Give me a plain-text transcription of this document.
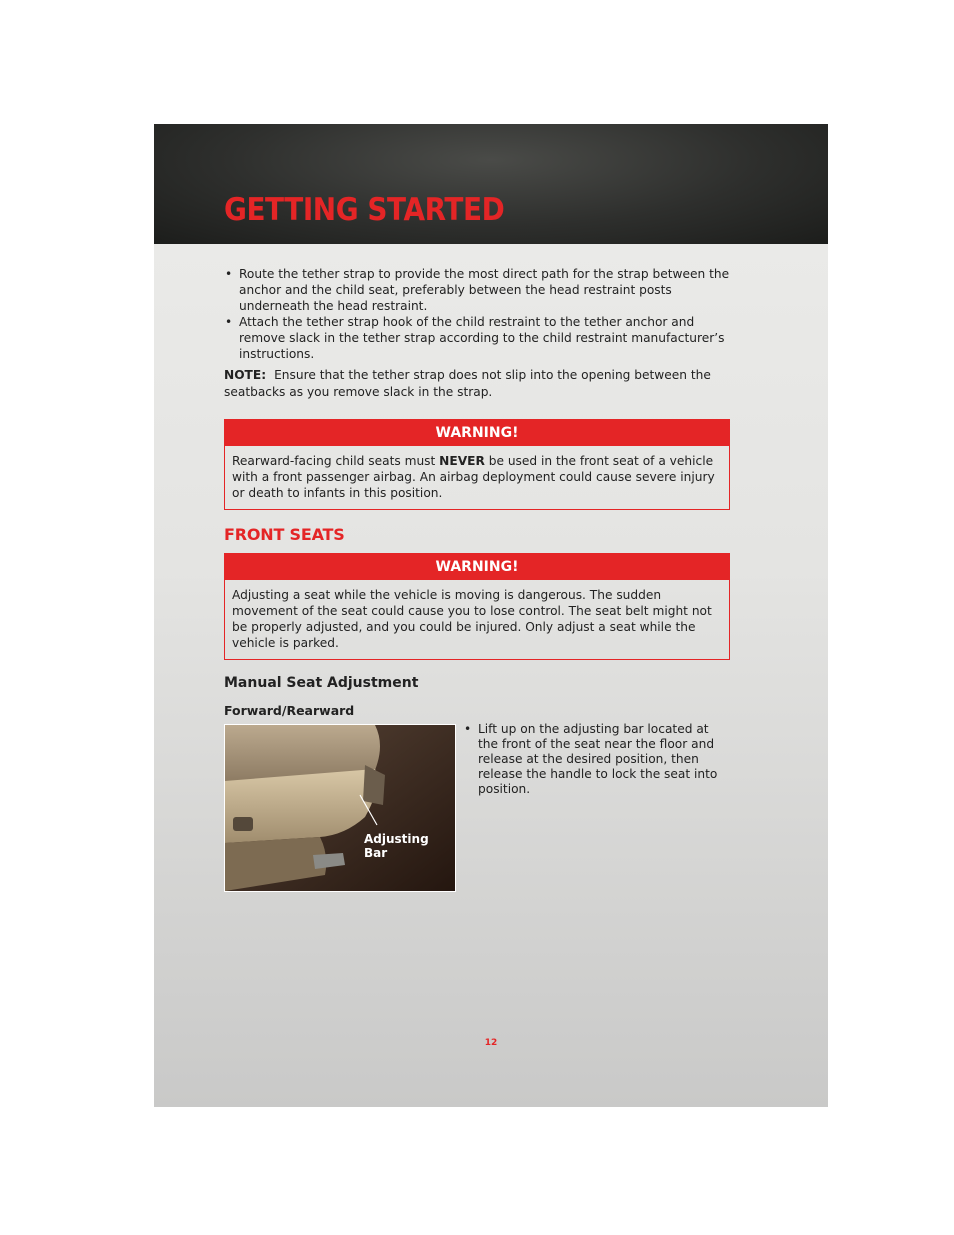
GETTING STARTED
• Route the tether strap to provide the most direct path for the strap between the anchor and the child seat, preferably between the head restraint posts underneath the head restraint.
• Attach the tether strap hook of the child restraint to the tether anchor and remove slack in the tether strap according to the child restraint manufacturer’s instructions.
NOTE: Ensure that the tether strap does not slip into the opening between the seatbacks as you remove slack in the strap.
WARNING!
Rearward-facing child seats must NEVER be used in the front seat of a vehicle with a front passenger airbag. An airbag deployment could cause severe injury or death to infants in this position.
FRONT SEATS
WARNING!
Adjusting a seat while the vehicle is moving is dangerous. The sudden movement of the seat could cause you to lose control. The seat belt might not be properly adjusted, and you could be injured. Only adjust a seat while the vehicle is parked.
Manual Seat Adjustment
Forward/Rearward
Adjusting
Bar
• Lift up on the adjusting bar located at the front of the seat near the floor and release at the desired position, then release the handle to lock the seat into position.
12
